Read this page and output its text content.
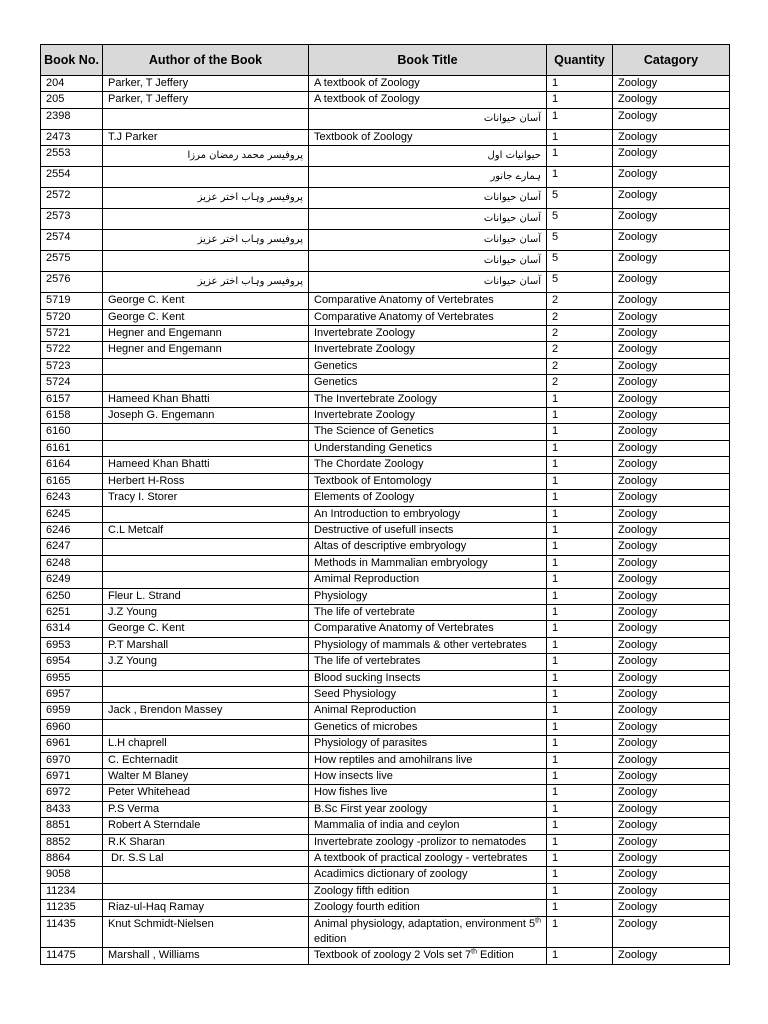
Book No.	Author of the Book	Book Title	Quantity	Catagory
204	Parker, T Jeffery	A textbook of Zoology	1	Zoology
205	Parker, T Jeffery	A textbook of Zoology	1	Zoology
2398		آسان حیوانات	1	Zoology
2473	T.J Parker	Textbook of Zoology	1	Zoology
2553	پروفیسر محمد رمضان مرزا	حیوانیات اول	1	Zoology
2554		ہمارے جانور	1	Zoology
2572	پروفیسر وہاب اختر عزیز	آسان حیوانات	5	Zoology
2573		آسان حیوانات	5	Zoology
2574	پروفیسر وہاب اختر عزیز	آسان حیوانات	5	Zoology
2575		آسان حیوانات	5	Zoology
2576	پروفیسر وہاب اختر عزیز	آسان حیوانات	5	Zoology
5719	George C. Kent	Comparative Anatomy of Vertebrates	2	Zoology
5720	George C. Kent	Comparative Anatomy of Vertebrates	2	Zoology
5721	Hegner and Engemann	Invertebrate Zoology	2	Zoology
5722	Hegner and Engemann	Invertebrate Zoology	2	Zoology
5723		Genetics	2	Zoology
5724		Genetics	2	Zoology
6157	Hameed Khan Bhatti	The Invertebrate Zoology	1	Zoology
6158	Joseph G. Engemann	Invertebrate Zoology	1	Zoology
6160		The Science of Genetics	1	Zoology
6161		Understanding Genetics	1	Zoology
6164	Hameed Khan Bhatti	The Chordate Zoology	1	Zoology
6165	Herbert H-Ross	Textbook of Entomology	1	Zoology
6243	Tracy I. Storer	Elements of Zoology	1	Zoology
6245		An Introduction to embryology	1	Zoology
6246	C.L Metcalf	Destructive of usefull insects	1	Zoology
6247		Altas of descriptive embryology	1	Zoology
6248		Methods in Mammalian embryology	1	Zoology
6249		Amimal Reproduction	1	Zoology
6250	Fleur L. Strand	Physiology	1	Zoology
6251	J.Z Young	The life of vertebrate	1	Zoology
6314	George C. Kent	Comparative Anatomy of Vertebrates	1	Zoology
6953	P.T Marshall	Physiology of mammals & other vertebrates	1	Zoology
6954	J.Z Young	The life of vertebrates	1	Zoology
6955		Blood sucking Insects	1	Zoology
6957		Seed Physiology	1	Zoology
6959	Jack , Brendon Massey	Animal Reproduction	1	Zoology
6960		Genetics of microbes	1	Zoology
6961	L.H chaprell	Physiology of parasites	1	Zoology
6970	C. Echternadit	How reptiles and amohilrans live	1	Zoology
6971	Walter M Blaney	How insects live	1	Zoology
6972	Peter Whitehead	How fishes live	1	Zoology
8433	P.S Verma	B.Sc First year zoology	1	Zoology
8851	Robert A Sterndale	Mammalia of india and ceylon	1	Zoology
8852	R.K Sharan	Invertebrate zoology -prolizor to nematodes	1	Zoology
8864	Dr. S.S Lal	A textbook of practical zoology - vertebrates	1	Zoology
9058		Acadimics dictionary of zoology	1	Zoology
11234		Zoology fifth edition	1	Zoology
11235	Riaz-ul-Haq Ramay	Zoology fourth edition	1	Zoology
11435	Knut Schmidt-Nielsen	Animal physiology, adaptation, environment 5th edition	1	Zoology
11475	Marshall , Williams	Textbook of zoology 2 Vols set 7th Edition	1	Zoology
